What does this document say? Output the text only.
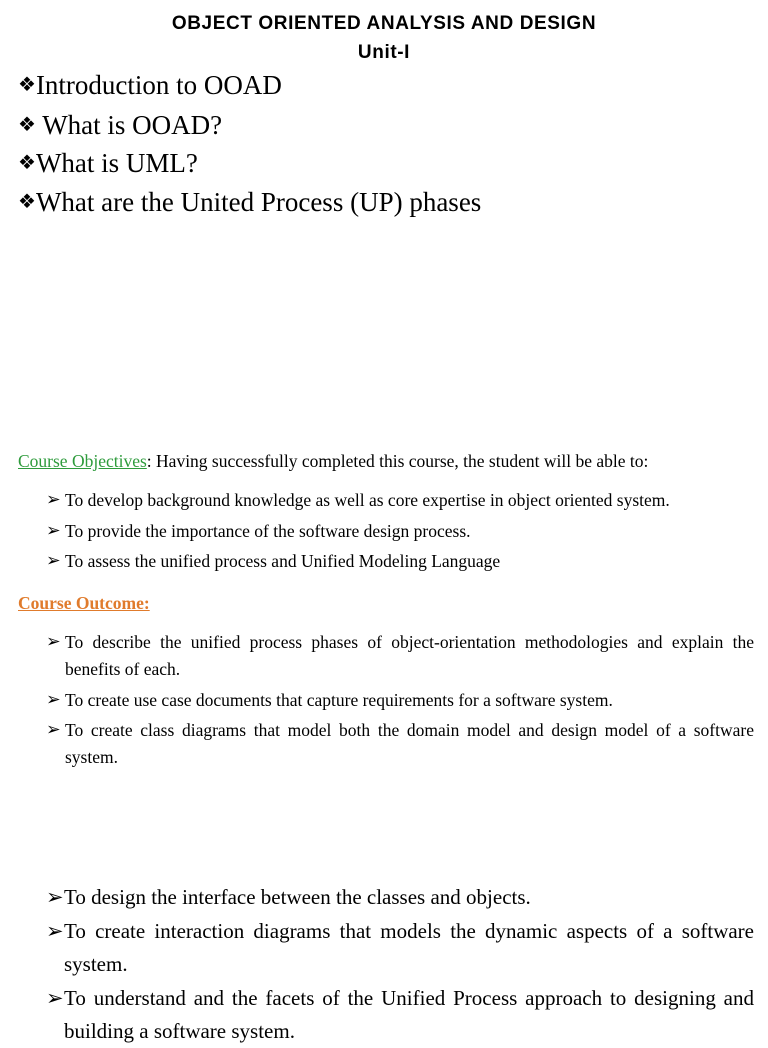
OBJECT ORIENTED ANALYSIS AND DESIGN
Unit-I
❖Introduction to OOAD
❖ What is OOAD?
❖What is UML?
❖What are the United Process (UP) phases
Course Objectives: Having successfully completed this course, the student will be able to:
➢ To develop background knowledge as well as core expertise in object oriented system.
➢ To provide the importance of the software design process.
➢ To assess the unified process and Unified Modeling Language
Course Outcome:
➢ To describe the unified process phases of object-orientation methodologies and explain the benefits of each.
➢ To create use case documents that capture requirements for a software system.
➢ To create class diagrams that model both the domain model and design model of a software system.
➢ To design the interface between the classes and objects.
➢ To create interaction diagrams that models the dynamic aspects of a software system.
➢ To understand and the facets of the Unified Process approach to designing and building a software system.
